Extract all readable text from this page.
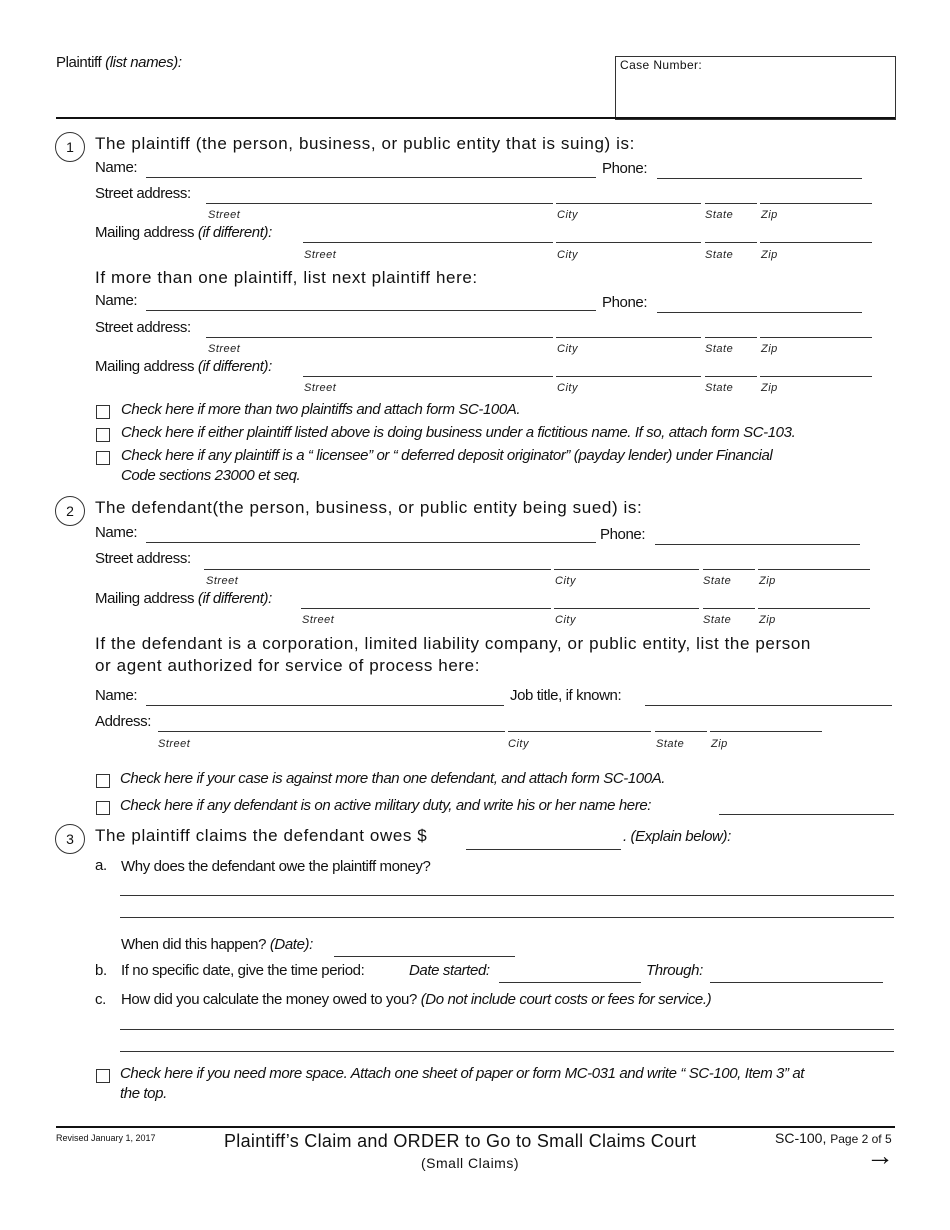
Plaintiff (list names):	Case Number:
1	The plaintiff (the person, business, or public entity that is suing) is:
Name:	Phone:
Street address:
Street	City	State	Zip
Mailing address (if different):
Street	City	State	Zip
If more than one plaintiff, list next plaintiff here:
Name:	Phone:
Street address:
Street	City	State	Zip
Mailing address (if different):
Street	City	State	Zip
Check here if more than two plaintiffs and attach form SC-100A.
Check here if either plaintiff listed above is doing business under a fictitious name. If so, attach form SC-103.
Check here if any plaintiff is a “ licensee” or “ deferred deposit originator” (payday lender) under Financial
Code sections 23000 et seq.
2	The defendant(the person, business, or public entity being sued) is:
Name:	Phone:
Street address:
Street	City	State	Zip
Mailing address (if different):
Street	City	State	Zip
If the defendant is a corporation, limited liability company, or public entity, list the person
or agent authorized for service of process here:
Name:	Job title, if known:
Address:
Street	City	State Zip
Check here if your case is against more than one defendant, and attach form SC-100A.
Check here if any defendant is on active military duty, and write his or her name here:
3	The plaintiff claims the defendant owes $	. (Explain below):
a. Why does the defendant owe the plaintiff money?
When did this happen? (Date):
b. If no specific date, give the time period:	Date started:	Through:
c. How did you calculate the money owed to you? (Do not include court costs or fees for service.)
Check here if you need more space. Attach one sheet of paper or form MC-031 and write “ SC-100, Item 3” at
the top.
Revised January 1, 2017	Plaintiff’s Claim and ORDER to Go to Small Claims Court
(Small Claims)
SC-100, Page 2 of 5
→
